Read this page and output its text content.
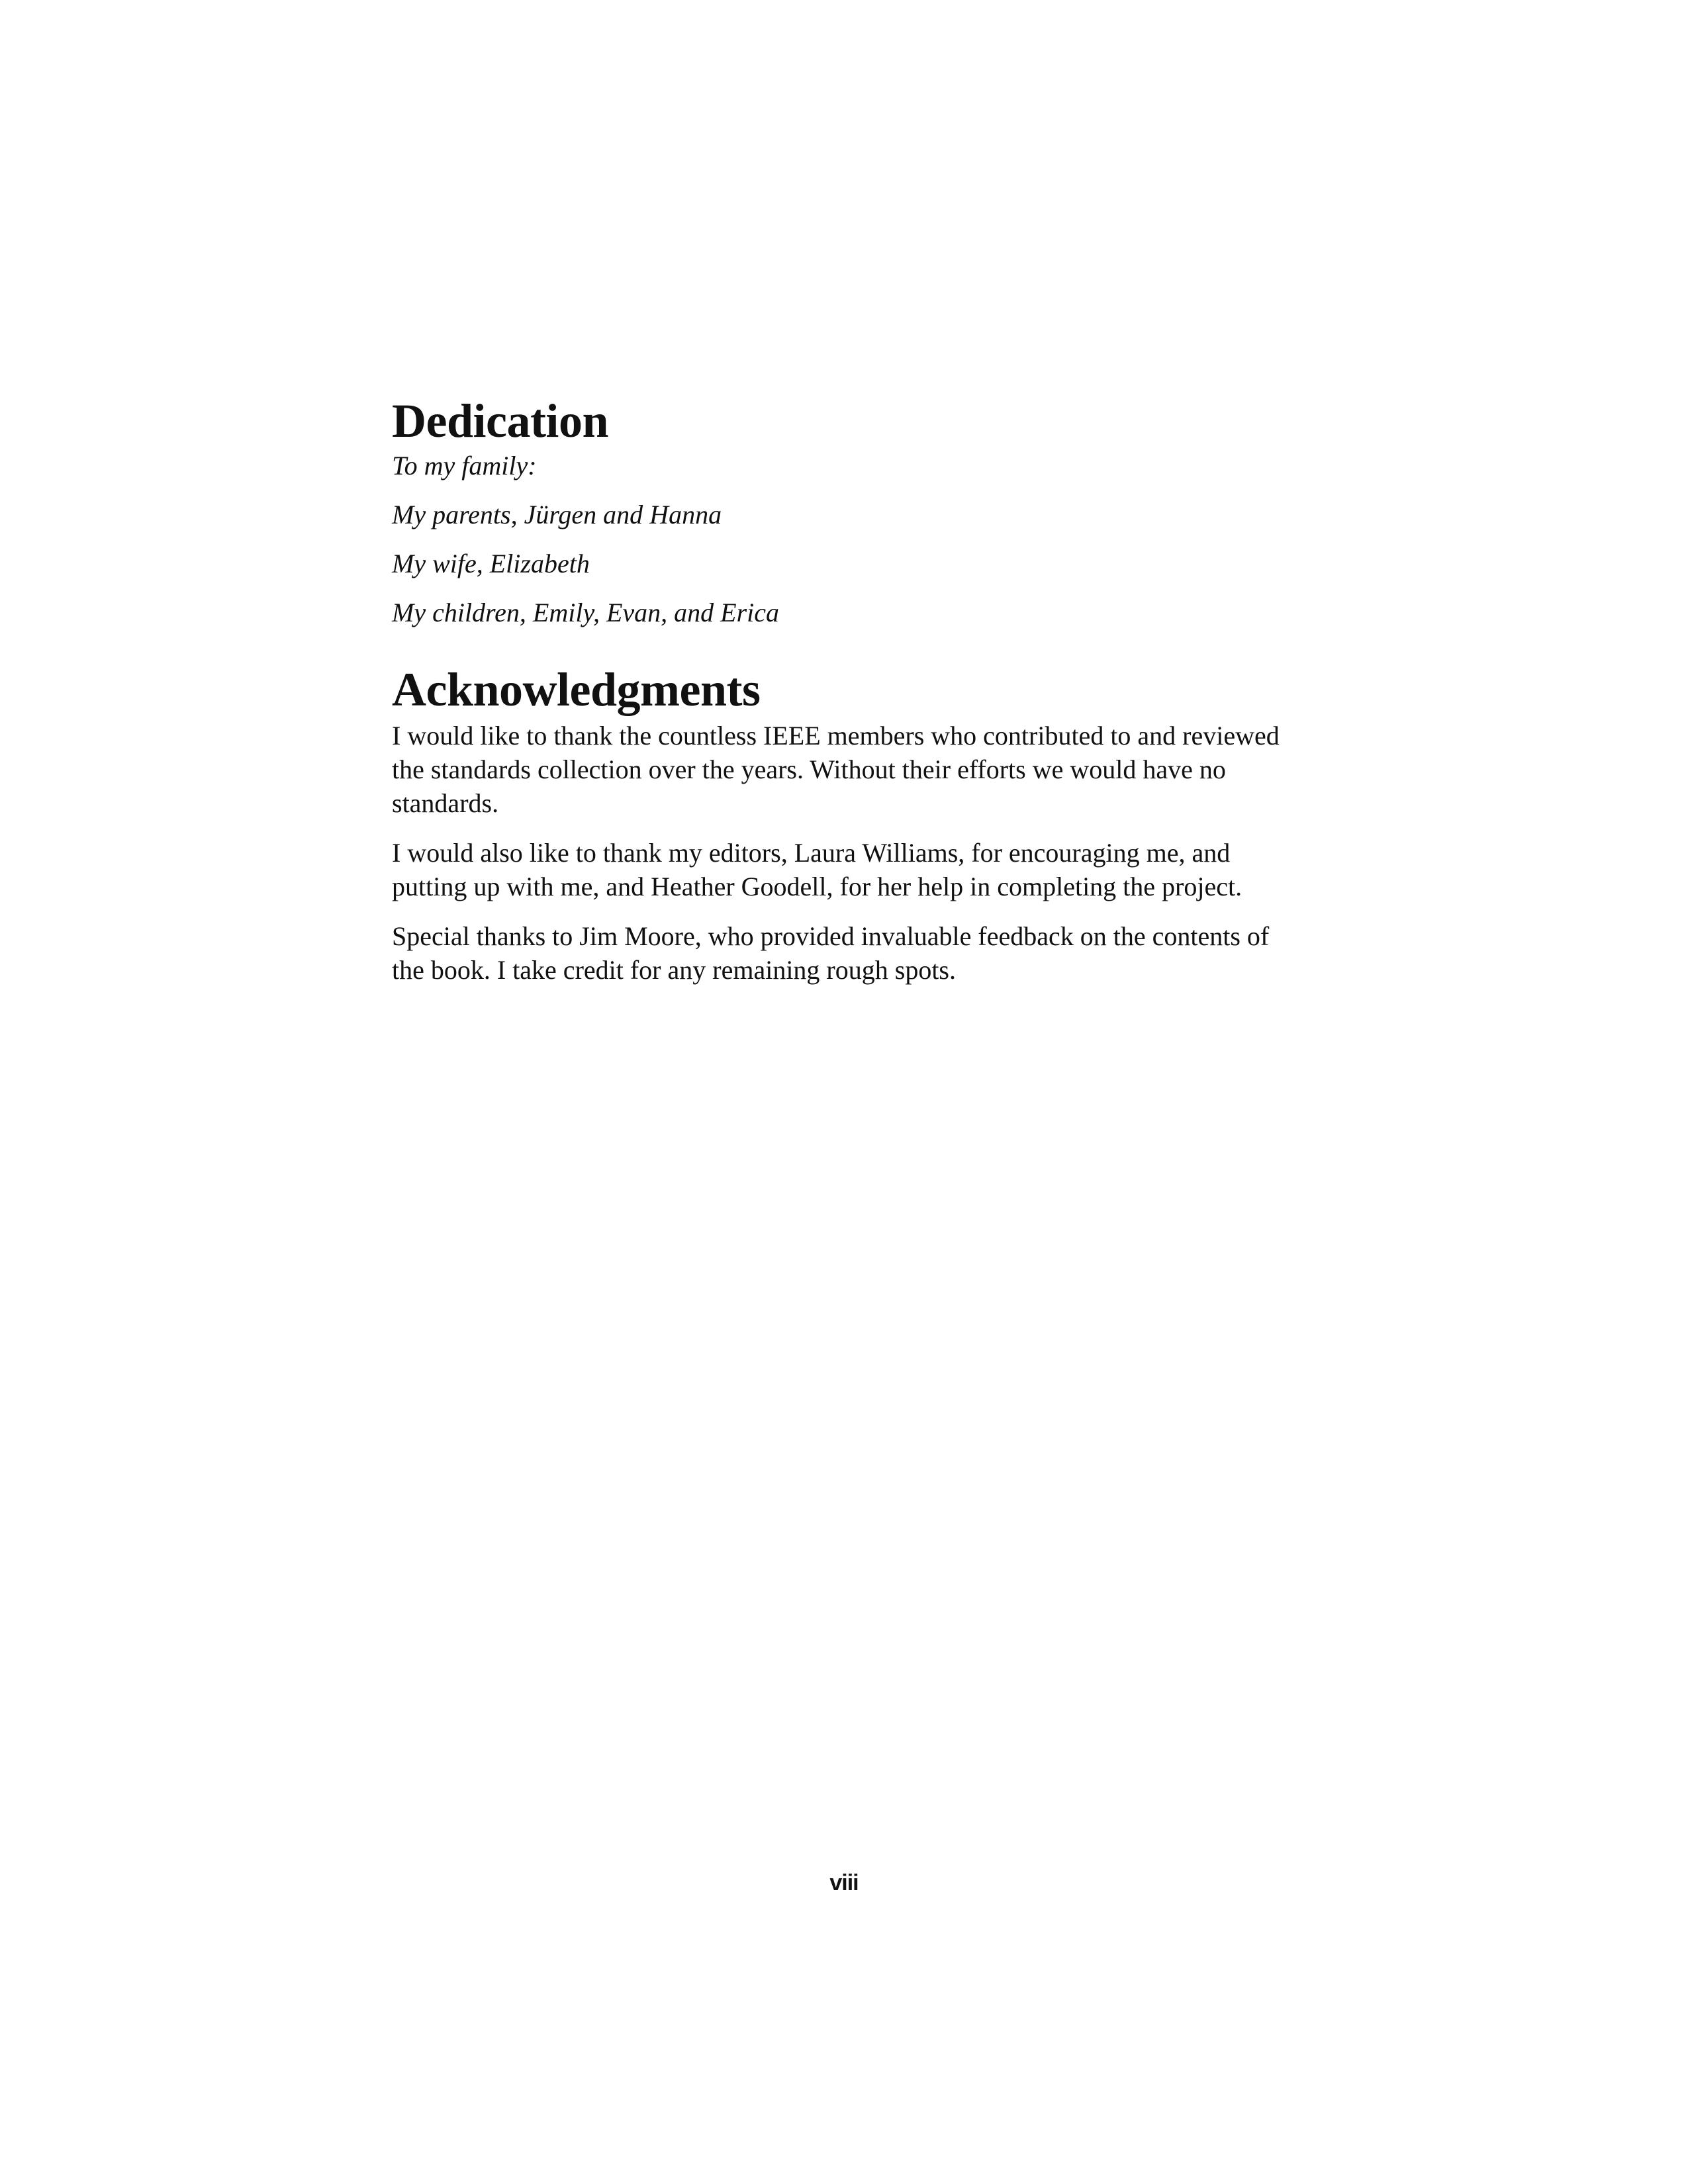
Dedication

To my family:

My parents, Jürgen and Hanna

My wife, Elizabeth

My children, Emily, Evan, and Erica

Acknowledgments

I would like to thank the countless IEEE members who contributed to and reviewed the standards collection over the years. Without their efforts we would have no standards.

I would also like to thank my editors, Laura Williams, for encouraging me, and putting up with me, and Heather Goodell, for her help in completing the project.

Special thanks to Jim Moore, who provided invaluable feedback on the contents of the book. I take credit for any remaining rough spots.

viii
